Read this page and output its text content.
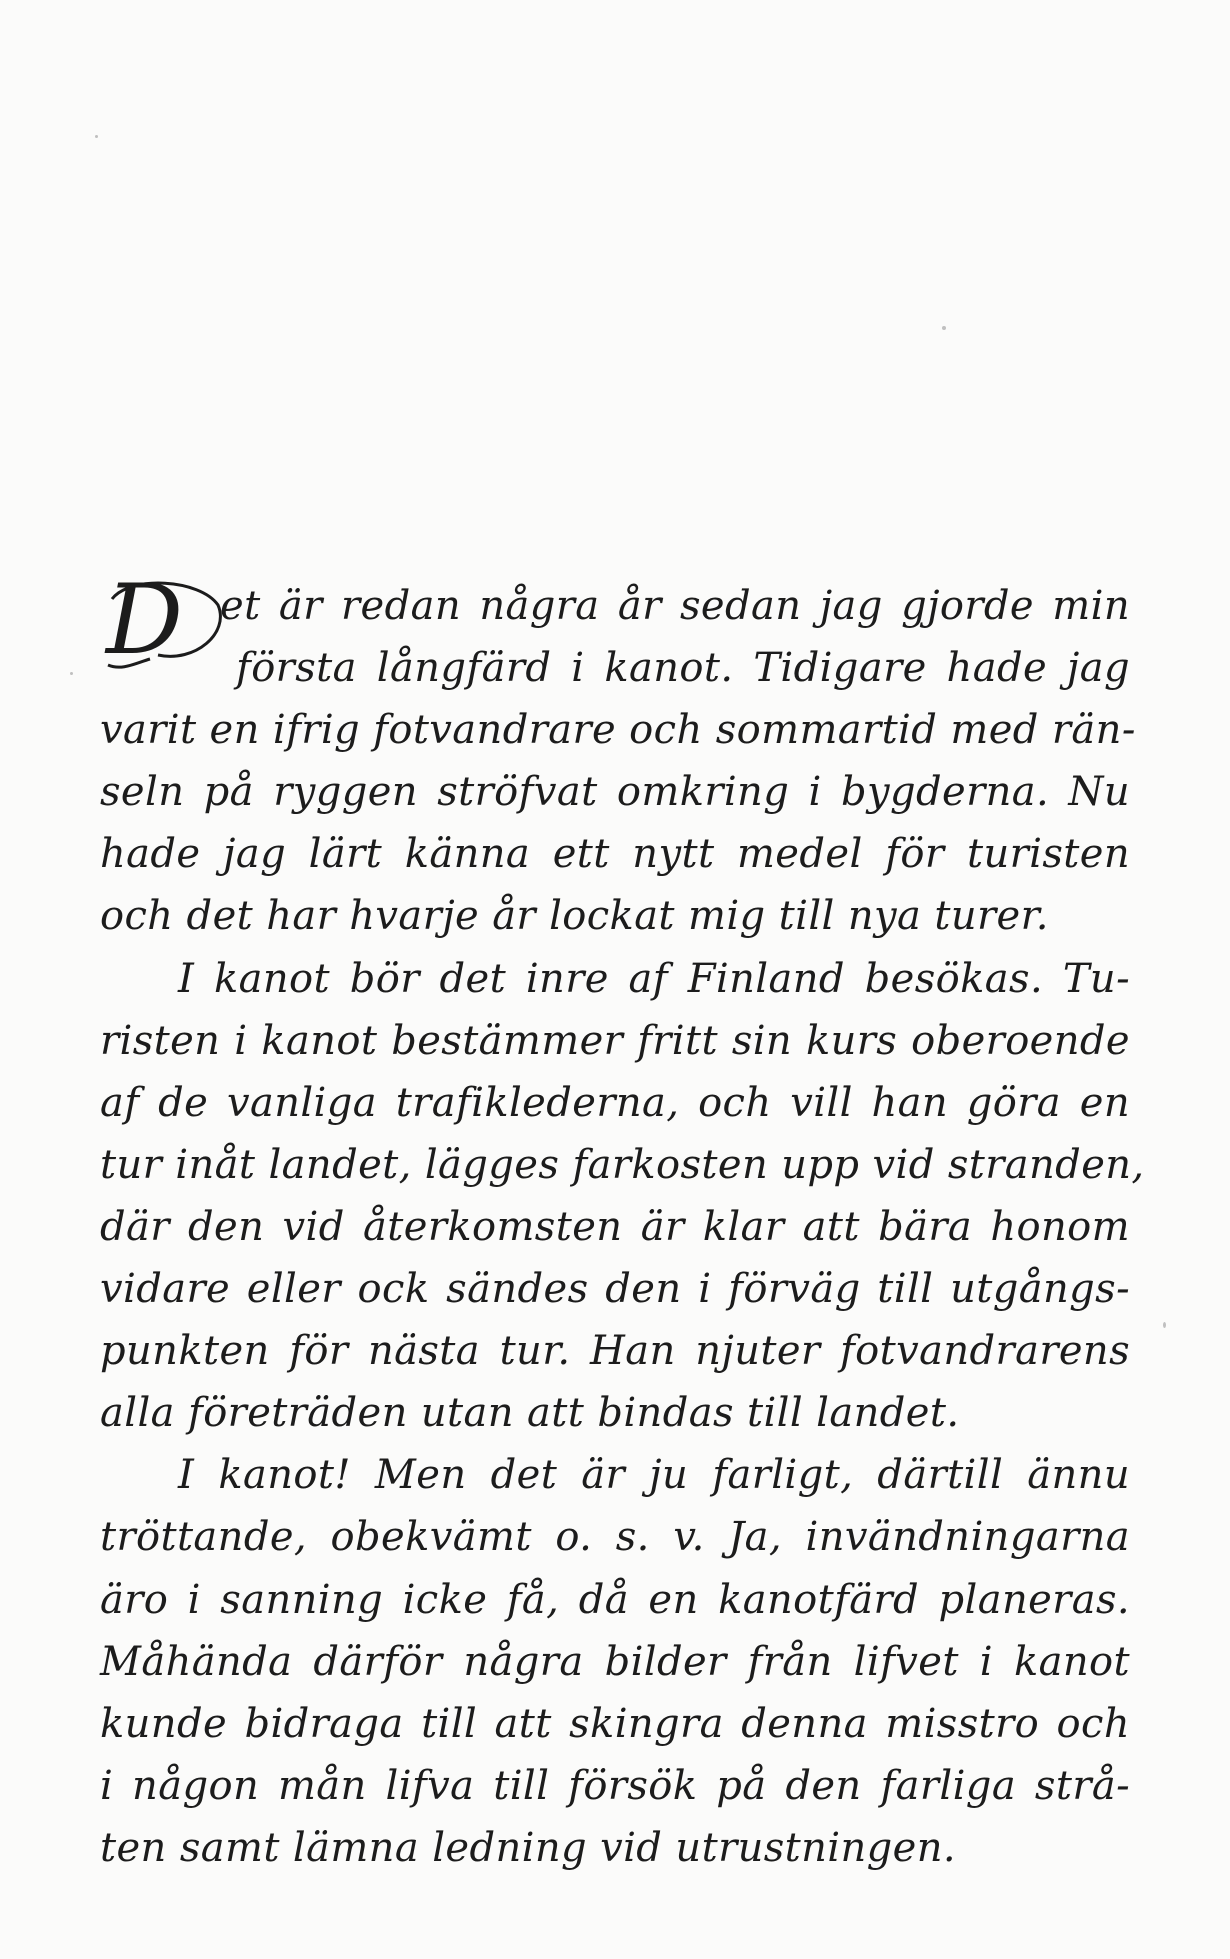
D et är redan några år sedan jag gjorde min
första långfärd i kanot. Tidigare hade jag
varit en ifrig fotvandrare och sommartid med rän-
seln på ryggen ströfvat omkring i bygderna. Nu
hade jag lärt känna ett nytt medel för turisten
och det har hvarje år lockat mig till nya turer.
I kanot bör det inre af Finland besökas. Tu-
risten i kanot bestämmer fritt sin kurs oberoende
af de vanliga trafiklederna, och vill han göra en
tur inåt landet, lägges farkosten upp vid stranden,
där den vid återkomsten är klar att bära honom
vidare eller ock sändes den i förväg till utgångs-
punkten för nästa tur. Han njuter fotvandrarens
alla företräden utan att bindas till landet.
I kanot! Men det är ju farligt, därtill ännu
tröttande, obekvämt o. s. v. Ja, invändningarna
äro i sanning icke få, då en kanotfärd planeras.
Måhända därför några bilder från lifvet i kanot
kunde bidraga till att skingra denna misstro och
i någon mån lifva till försök på den farliga strå-
ten samt lämna ledning vid utrustningen.
